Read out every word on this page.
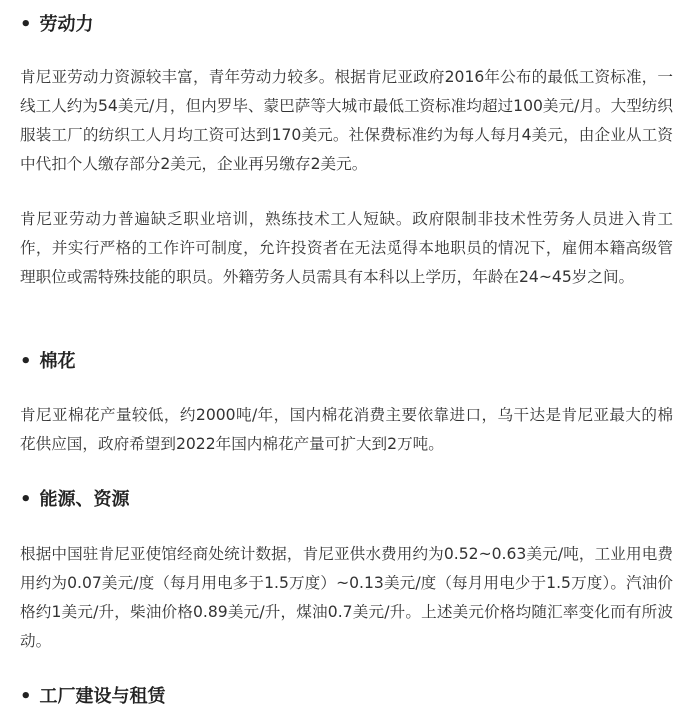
• 劳动力

肯尼亚劳动力资源较丰富，青年劳动力较多。根据肯尼亚政府2016年公布的最低工资标准，一线工人约为54美元/月，但内罗毕、蒙巴萨等大城市最低工资标准均超过100美元/月。大型纺织服装工厂的纺织工人月均工资可达到170美元。社保费标准约为每人每月4美元，由企业从工资中代扣个人缴存部分2美元，企业再另缴存2美元。

肯尼亚劳动力普遍缺乏职业培训，熟练技术工人短缺。政府限制非技术性劳务人员进入肯工作，并实行严格的工作许可制度，允许投资者在无法觅得本地职员的情况下，雇佣本籍高级管理职位或需特殊技能的职员。外籍劳务人员需具有本科以上学历，年龄在24~45岁之间。

• 棉花

肯尼亚棉花产量较低，约2000吨/年，国内棉花消费主要依靠进口，乌干达是肯尼亚最大的棉花供应国，政府希望到2022年国内棉花产量可扩大到2万吨。

• 能源、资源

根据中国驻肯尼亚使馆经商处统计数据，肯尼亚供水费用约为0.52~0.63美元/吨，工业用电费用约为0.07美元/度（每月用电多于1.5万度）~0.13美元/度（每月用电少于1.5万度）。汽油价格约1美元/升，柴油价格0.89美元/升，煤油0.7美元/升。上述美元价格均随汇率变化而有所波动。

• 工厂建设与租赁
